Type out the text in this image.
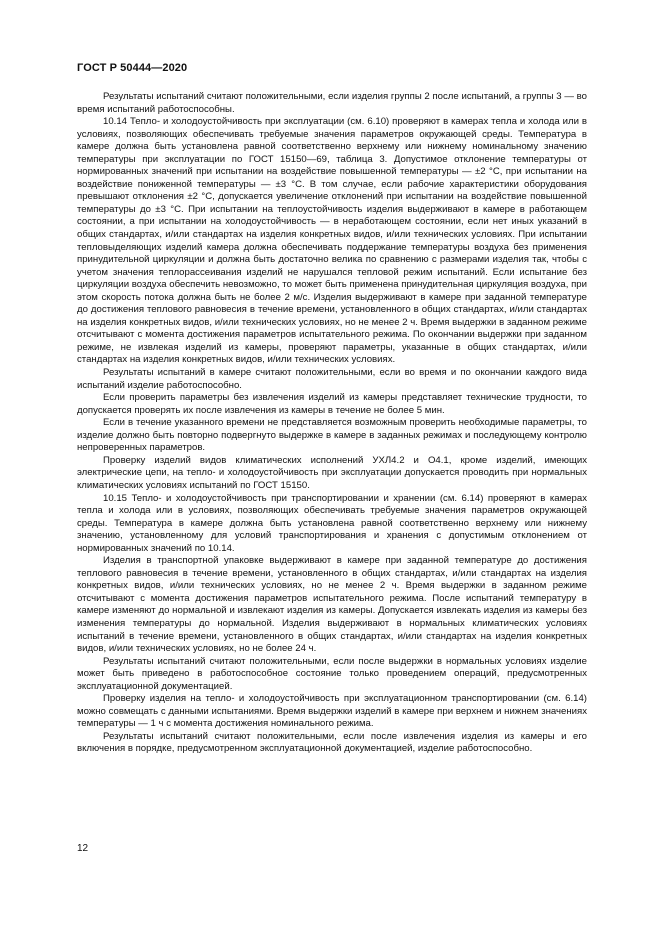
ГОСТ Р 50444—2020

Результаты испытаний считают положительными, если изделия группы 2 после испытаний, а группы 3 — во время испытаний работоспособны.

10.14 Тепло- и холодоустойчивость при эксплуатации (см. 6.10) проверяют в камерах тепла и холода или в условиях, позволяющих обеспечивать требуемые значения параметров окружающей среды. Температура в камере должна быть установлена равной соответственно верхнему или нижнему номинальному значению температуры при эксплуатации по ГОСТ 15150—69, таблица 3. Допустимое отклонение температуры от нормированных значений при испытании на воздействие повышенной температуры — ±2 °С, при испытании на воздействие пониженной температуры — ±3 °С. В том случае, если рабочие характеристики оборудования превышают отклонения ±2 °С, допускается увеличение отклонений при испытании на воздействие повышенной температуры до ±3 °С. При испытании на теплоустойчивость изделия выдерживают в камере в работающем состоянии, а при испытании на холодоустойчивость — в неработающем состоянии, если нет иных указаний в общих стандартах, и/или стандартах на изделия конкретных видов, и/или технических условиях. При испытании тепловыделяющих изделий камера должна обеспечивать поддержание температуры воздуха без применения принудительной циркуляции и должна быть достаточно велика по сравнению с размерами изделия так, чтобы с учетом значения теплорассеивания изделий не нарушался тепловой режим испытаний. Если испытание без циркуляции воздуха обеспечить невозможно, то может быть применена принудительная циркуляция воздуха, при этом скорость потока должна быть не более 2 м/с. Изделия выдерживают в камере при заданной температуре до достижения теплового равновесия в течение времени, установленного в общих стандартах, и/или стандартах на изделия конкретных видов, и/или технических условиях, но не менее 2 ч. Время выдержки в заданном режиме отсчитывают с момента достижения параметров испытательного режима. По окончании выдержки при заданном режиме, не извлекая изделий из камеры, проверяют параметры, указанные в общих стандартах, и/или стандартах на изделия конкретных видов, и/или технических условиях.

Результаты испытаний в камере считают положительными, если во время и по окончании каждого вида испытаний изделие работоспособно.

Если проверить параметры без извлечения изделий из камеры представляет технические трудности, то допускается проверять их после извлечения из камеры в течение не более 5 мин.

Если в течение указанного времени не представляется возможным проверить необходимые параметры, то изделие должно быть повторно подвергнуто выдержке в камере в заданных режимах и последующему контролю непроверенных параметров.

Проверку изделий видов климатических исполнений УХЛ4.2 и О4.1, кроме изделий, имеющих электрические цепи, на тепло- и холодоустойчивость при эксплуатации допускается проводить при нормальных климатических условиях испытаний по ГОСТ 15150.

10.15 Тепло- и холодоустойчивость при транспортировании и хранении (см. 6.14) проверяют в камерах тепла и холода или в условиях, позволяющих обеспечивать требуемые значения параметров окружающей среды. Температура в камере должна быть установлена равной соответственно верхнему или нижнему значению, установленному для условий транспортирования и хранения с допустимым отклонением от нормированных значений по 10.14.

Изделия в транспортной упаковке выдерживают в камере при заданной температуре до достижения теплового равновесия в течение времени, установленного в общих стандартах, и/или стандартах на изделия конкретных видов, и/или технических условиях, но не менее 2 ч. Время выдержки в заданном режиме отсчитывают с момента достижения параметров испытательного режима. После испытаний температуру в камере изменяют до нормальной и извлекают изделия из камеры. Допускается извлекать изделия из камеры без изменения температуры до нормальной. Изделия выдерживают в нормальных климатических условиях испытаний в течение времени, установленного в общих стандартах, и/или стандартах на изделия конкретных видов, и/или технических условиях, но не более 24 ч.

Результаты испытаний считают положительными, если после выдержки в нормальных условиях изделие может быть приведено в работоспособное состояние только проведением операций, предусмотренных эксплуатационной документацией.

Проверку изделия на тепло- и холодоустойчивость при эксплуатационном транспортировании (см. 6.14) можно совмещать с данными испытаниями. Время выдержки изделий в камере при верхнем и нижнем значениях температуры — 1 ч с момента достижения номинального режима.

Результаты испытаний считают положительными, если после извлечения изделия из камеры и его включения в порядке, предусмотренном эксплуатационной документацией, изделие работоспособно.

12
